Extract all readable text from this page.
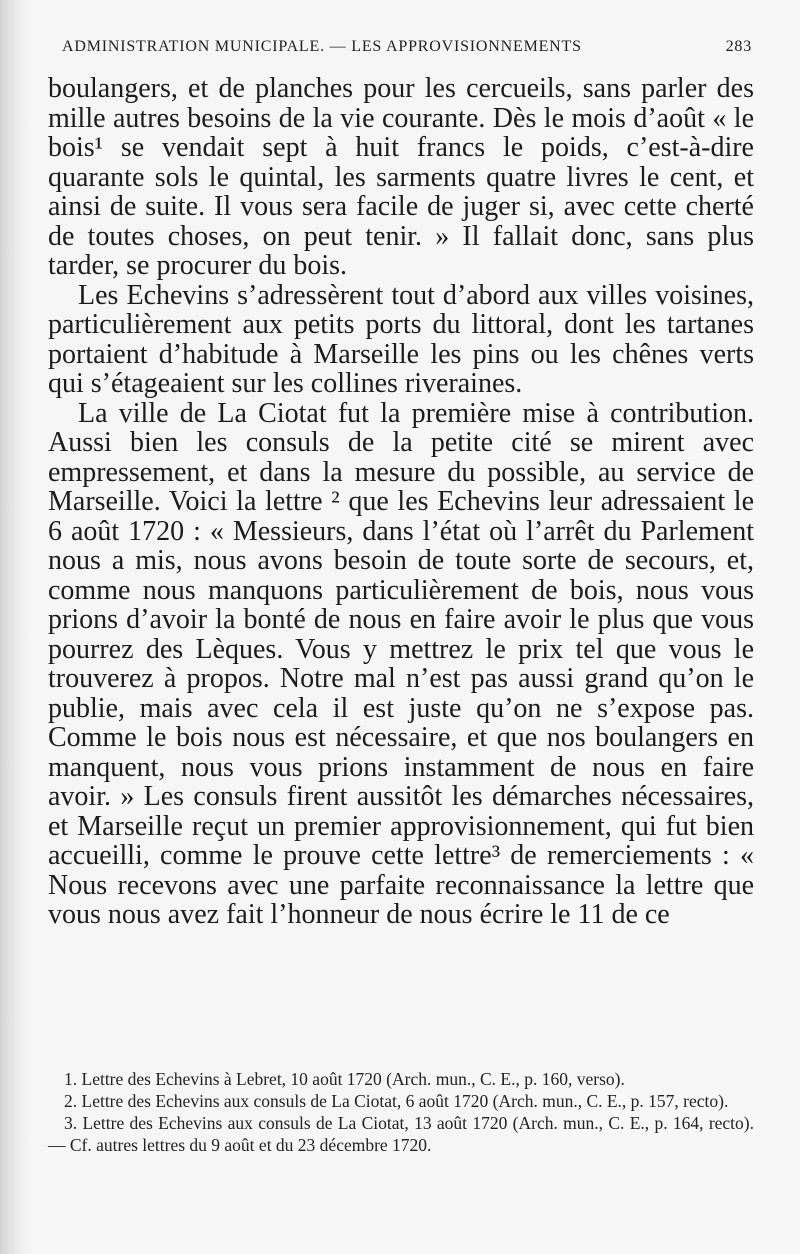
ADMINISTRATION MUNICIPALE. — LES APPROVISIONNEMENTS	283

boulangers, et de planches pour les cercueils, sans parler des mille autres besoins de la vie courante. Dès le mois d’août « le bois¹ se vendait sept à huit francs le poids, c’est-à-dire quarante sols le quintal, les sarments quatre livres le cent, et ainsi de suite. Il vous sera facile de juger si, avec cette cherté de toutes choses, on peut tenir. » Il fallait donc, sans plus tarder, se procurer du bois.

Les Echevins s’adressèrent tout d’abord aux villes voisines, particulièrement aux petits ports du littoral, dont les tartanes portaient d’habitude à Marseille les pins ou les chênes verts qui s’étageaient sur les collines riveraines.

La ville de La Ciotat fut la première mise à contribution. Aussi bien les consuls de la petite cité se mirent avec empressement, et dans la mesure du possible, au service de Marseille. Voici la lettre ² que les Echevins leur adressaient le 6 août 1720 : « Messieurs, dans l’état où l’arrêt du Parlement nous a mis, nous avons besoin de toute sorte de secours, et, comme nous manquons particulièrement de bois, nous vous prions d’avoir la bonté de nous en faire avoir le plus que vous pourrez des Lèques. Vous y mettrez le prix tel que vous le trouverez à propos. Notre mal n’est pas aussi grand qu’on le publie, mais avec cela il est juste qu’on ne s’expose pas. Comme le bois nous est nécessaire, et que nos boulangers en manquent, nous vous prions instamment de nous en faire avoir. » Les consuls firent aussitôt les démarches nécessaires, et Marseille reçut un premier approvisionnement, qui fut bien accueilli, comme le prouve cette lettre³ de remerciements : « Nous recevons avec une parfaite reconnaissance la lettre que vous nous avez fait l’honneur de nous écrire le 11 de ce

1. Lettre des Echevins à Lebret, 10 août 1720 (Arch. mun., C. E., p. 160, verso).

2. Lettre des Echevins aux consuls de La Ciotat, 6 août 1720 (Arch. mun., C. E., p. 157, recto).

3. Lettre des Echevins aux consuls de La Ciotat, 13 août 1720 (Arch. mun., C. E., p. 164, recto). — Cf. autres lettres du 9 août et du 23 décembre 1720.
